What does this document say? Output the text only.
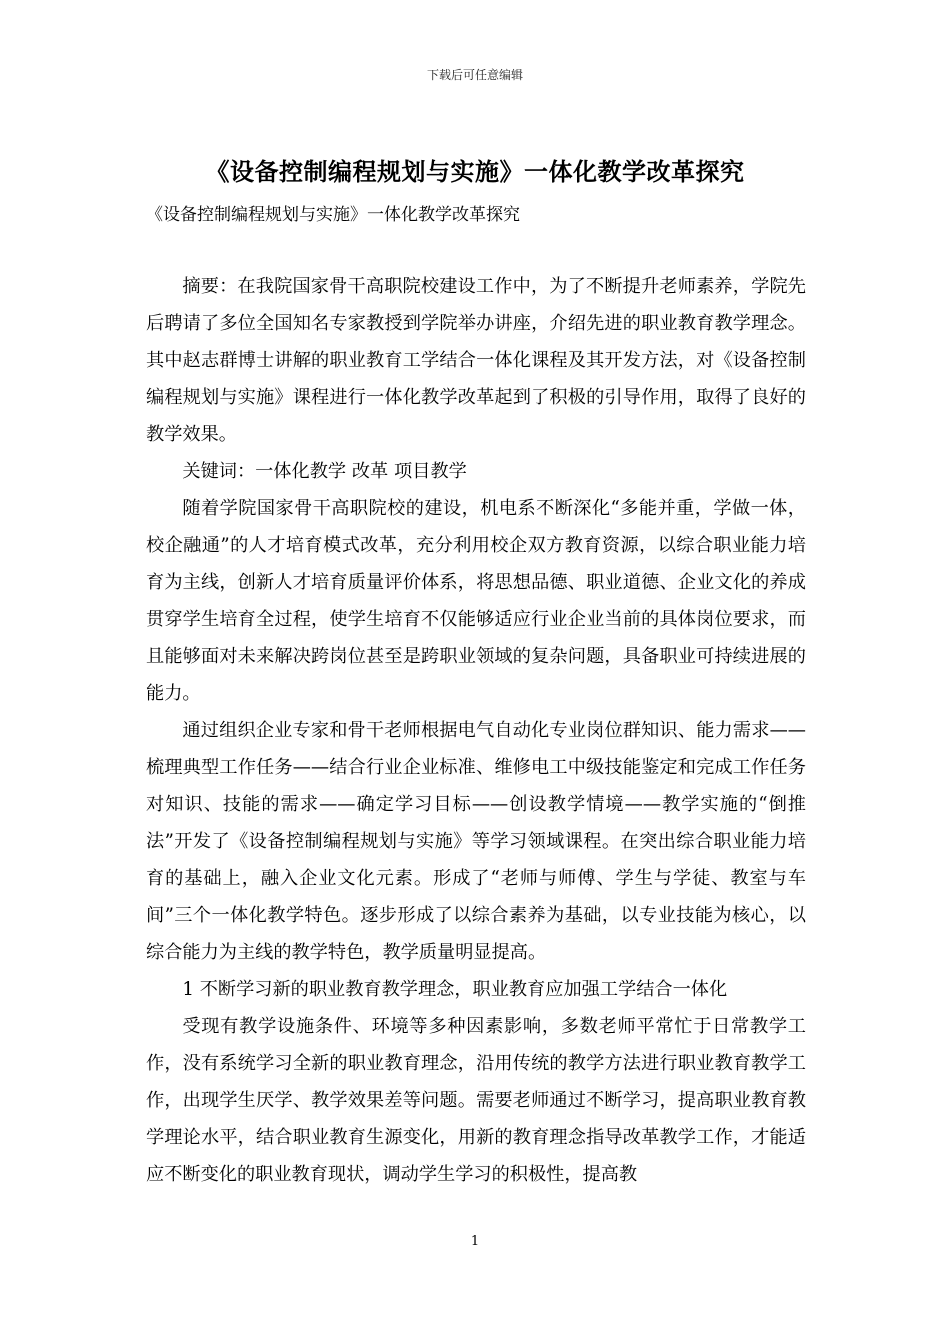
下载后可任意编辑
《设备控制编程规划与实施》一体化教学改革探究
《设备控制编程规划与实施》一体化教学改革探究

摘要：在我院国家骨干高职院校建设工作中，为了不断提升老师素养，学院先后聘请了多位全国知名专家教授到学院举办讲座，介绍先进的职业教育教学理念。其中赵志群博士讲解的职业教育工学结合一体化课程及其开发方法，对《设备控制编程规划与实施》课程进行一体化教学改革起到了积极的引导作用，取得了良好的教学效果。

关键词：一体化教学 改革 项目教学

随着学院国家骨干高职院校的建设，机电系不断深化“多能并重，学做一体，校企融通”的人才培育模式改革，充分利用校企双方教育资源，以综合职业能力培育为主线，创新人才培育质量评价体系，将思想品德、职业道德、企业文化的养成贯穿学生培育全过程，使学生培育不仅能够适应行业企业当前的具体岗位要求，而且能够面对未来解决跨岗位甚至是跨职业领域的复杂问题，具备职业可持续进展的能力。

通过组织企业专家和骨干老师根据电气自动化专业岗位群知识、能力需求——梳理典型工作任务——结合行业企业标准、维修电工中级技能鉴定和完成工作任务对知识、技能的需求——确定学习目标——创设教学情境——教学实施的“倒推法”开发了《设备控制编程规划与实施》等学习领域课程。在突出综合职业能力培育的基础上，融入企业文化元素。形成了“老师与师傅、学生与学徒、教室与车间”三个一体化教学特色。逐步形成了以综合素养为基础，以专业技能为核心，以综合能力为主线的教学特色，教学质量明显提高。

1 不断学习新的职业教育教学理念，职业教育应加强工学结合一体化

受现有教学设施条件、环境等多种因素影响，多数老师平常忙于日常教学工作，没有系统学习全新的职业教育理念，沿用传统的教学方法进行职业教育教学工作，出现学生厌学、教学效果差等问题。需要老师通过不断学习，提高职业教育教学理论水平，结合职业教育生源变化，用新的教育理念指导改革教学工作，才能适应不断变化的职业教育现状，调动学生学习的积极性，提高教

1
